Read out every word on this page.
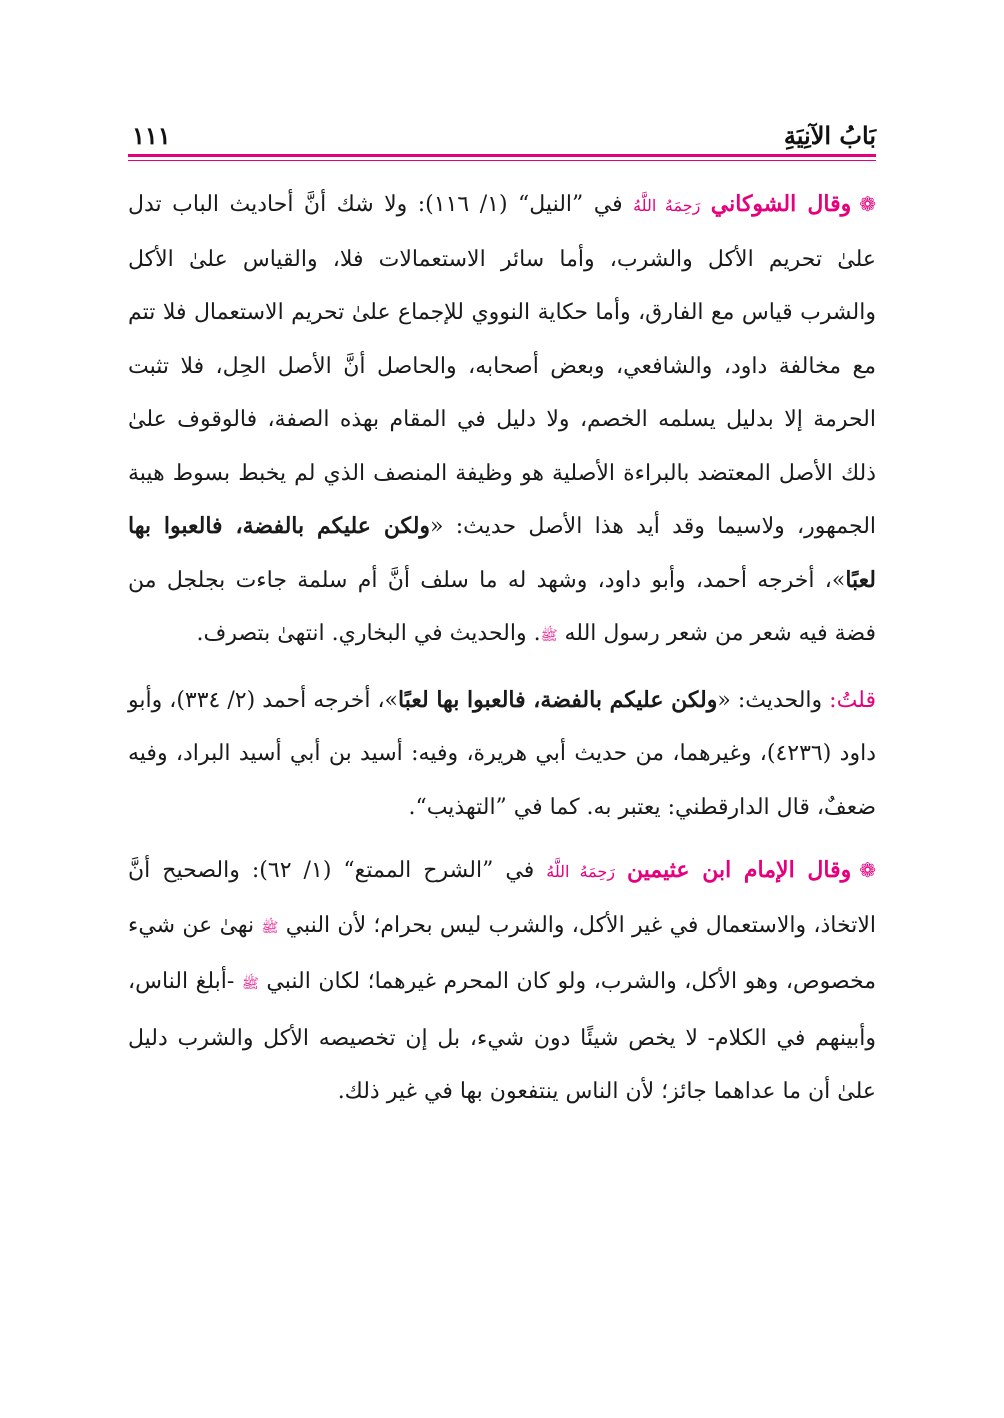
بَابُ الآنِيَةِ
١١١

❁وقال الشوكاني رَحِمَهُ اللَّهُ في ”النيل“ (١/ ١١٦): ولا شك أنَّ أحاديث الباب تدل علىٰ تحريم الأكل والشرب، وأما سائر الاستعمالات فلا، والقياس علىٰ الأكل والشرب قياس مع الفارق، وأما حكاية النووي للإجماع علىٰ تحريم الاستعمال فلا تتم مع مخالفة داود، والشافعي، وبعض أصحابه، والحاصل أنَّ الأصل الحِل، فلا تثبت الحرمة إلا بدليل يسلمه الخصم، ولا دليل في المقام بهذه الصفة، فالوقوف علىٰ ذلك الأصل المعتضد بالبراءة الأصلية هو وظيفة المنصف الذي لم يخبط بسوط هيبة الجمهور، ولاسيما وقد أيد هذا الأصل حديث: «ولكن عليكم بالفضة، فالعبوا بها لعبًا»، أخرجه أحمد، وأبو داود، وشهد له ما سلف أنَّ أم سلمة جاءت بجلجل من فضة فيه شعر من شعر رسول الله ﷺ. والحديث في البخاري. انتهىٰ بتصرف.

قلتُ: والحديث: «ولكن عليكم بالفضة، فالعبوا بها لعبًا»، أخرجه أحمد (٢/ ٣٣٤)، وأبو داود (٤٢٣٦)، وغيرهما، من حديث أبي هريرة، وفيه: أسيد بن أبي أسيد البراد، وفيه ضعفٌ، قال الدارقطني: يعتبر به. كما في ”التهذيب“.

❁وقال الإمام ابن عثيمين رَحِمَهُ اللَّهُ في ”الشرح الممتع“ (١/ ٦٢): والصحيح أنَّ الاتخاذ، والاستعمال في غير الأكل، والشرب ليس بحرام؛ لأن النبي ﷺ نهىٰ عن شيء مخصوص، وهو الأكل، والشرب، ولو كان المحرم غيرهما؛ لكان النبي ﷺ -أبلغ الناس، وأبينهم في الكلام- لا يخص شيئًا دون شيء، بل إن تخصيصه الأكل والشرب دليل علىٰ أن ما عداهما جائز؛ لأن الناس ينتفعون بها في غير ذلك.
